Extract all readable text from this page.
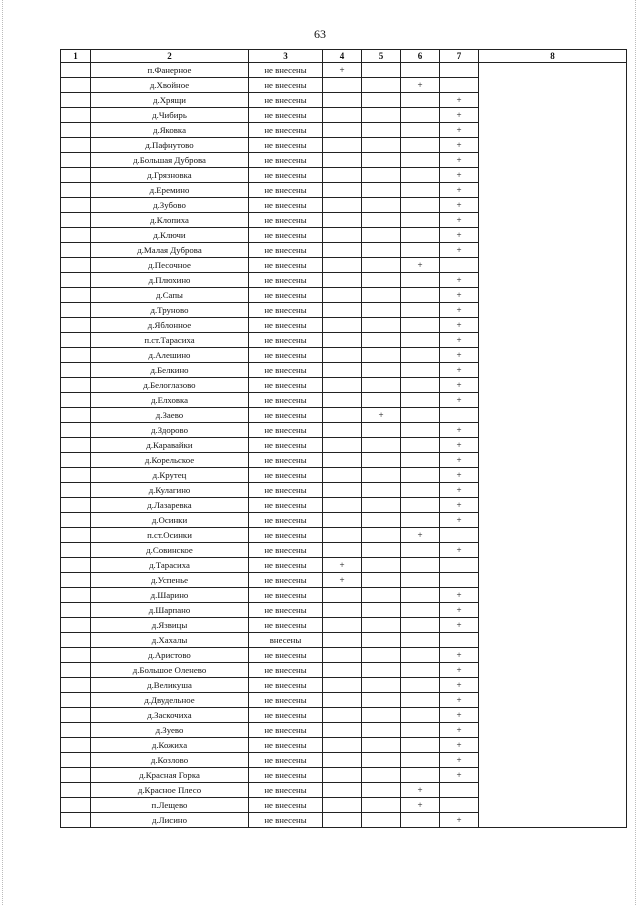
63
1	2	3	4	5	6	7	8
	п.Фанерное	не внесены	+				
	д.Хвойное	не внесены			+		
	д.Хрящи	не внесены				+	
	д.Чибирь	не внесены				+	
	д.Яковка	не внесены				+	
	д.Пафнутово	не внесены				+	
	д.Большая Дуброва	не внесены				+	
	д.Грязновка	не внесены				+	
	д.Еремино	не внесены				+	
	д.Зубово	не внесены				+	
	д.Клопиха	не внесены				+	
	д.Ключи	не внесены				+	
	д.Малая Дуброва	не внесены				+	
	д.Песочное	не внесены			+		
	д.Плюхино	не внесены				+	
	д.Сапы	не внесены				+	
	д.Труново	не внесены				+	
	д.Яблонное	не внесены				+	
	п.ст.Тарасиха	не внесены				+	
	д.Алешино	не внесены				+	
	д.Белкино	не внесены				+	
	д.Белоглазово	не внесены				+	
	д.Елховка	не внесены				+	
	д.Заево	не внесены		+			
	д.Здорово	не внесены				+	
	д.Каравайки	не внесены				+	
	д.Корельское	не внесены				+	
	д.Крутец	не внесены				+	
	д.Кулагино	не внесены				+	
	д.Лазаревка	не внесены				+	
	д.Осинки	не внесены				+	
	п.ст.Осинки	не внесены			+		
	д.Совинское	не внесены				+	
	д.Тарасиха	не внесены	+				
	д.Успенье	не внесены	+				
	д.Шарино	не внесены				+	
	д.Шарпано	не внесены				+	
	д.Язвицы	не внесены				+	
	д.Хахалы	внесены					
	д.Аристово	не внесены				+	
	д.Большое Оленево	не внесены				+	
	д.Великуша	не внесены				+	
	д.Двудельное	не внесены				+	
	д.Заскочиха	не внесены				+	
	д.Зуево	не внесены				+	
	д.Кожиха	не внесены				+	
	д.Козлово	не внесены				+	
	д.Красная Горка	не внесены				+	
	д.Красное Плесо	не внесены			+		
	п.Лещево	не внесены			+		
	д.Лисино	не внесены				+	
